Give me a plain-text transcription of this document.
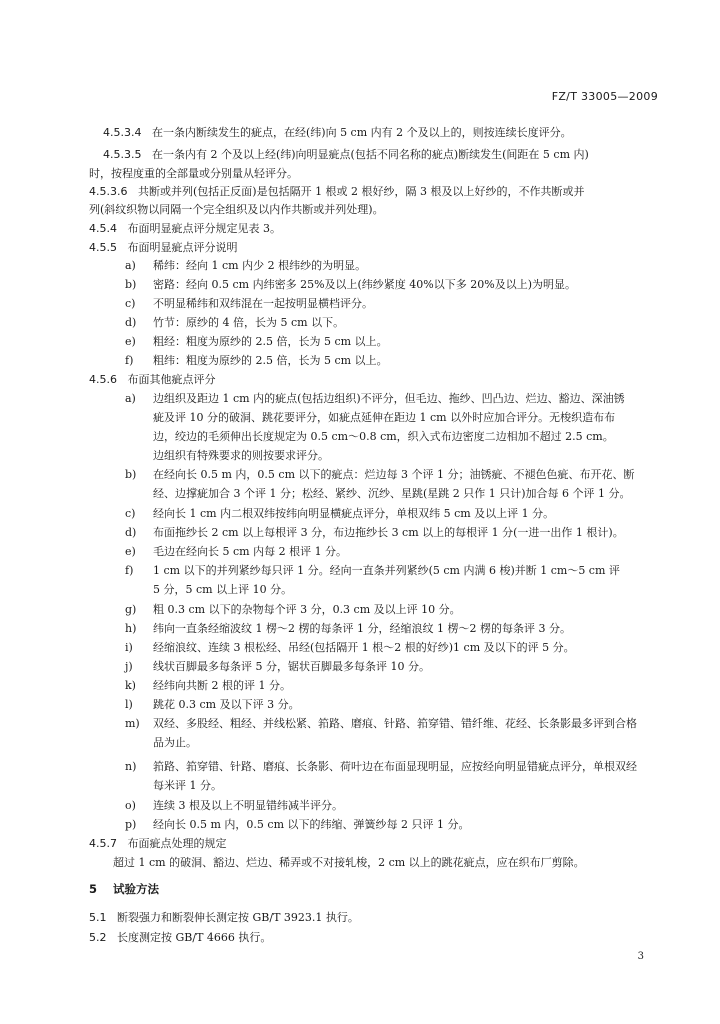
FZ/T 33005—2009
4.5.3.4 在一条内断续发生的疵点，在经(纬)向 5 cm 内有 2 个及以上的，则按连续长度评分。
4.5.3.5 在一条内有 2 个及以上经(纬)向明显疵点(包括不同名称的疵点)断续发生(间距在 5 cm 内)
时，按程度重的全部量或分别量从轻评分。
4.5.3.6 共断或并列(包括正反面)是包括隔开 1 根或 2 根好纱，隔 3 根及以上好纱的，不作共断或并
列(斜纹织物以同隔一个完全组织及以内作共断或并列处理)。
4.5.4 布面明显疵点评分规定见表 3。
4.5.5 布面明显疵点评分说明
a) 稀纬：经向 1 cm 内少 2 根纬纱的为明显。
b) 密路：经向 0.5 cm 内纬密多 25%及以上(纬纱紧度 40%以下多 20%及以上)为明显。
c) 不明显稀纬和双纬混在一起按明显横档评分。
d) 竹节：原纱的 4 倍，长为 5 cm 以下。
e) 粗经：粗度为原纱的 2.5 倍，长为 5 cm 以上。
f) 粗纬：粗度为原纱的 2.5 倍，长为 5 cm 以上。
4.5.6 布面其他疵点评分
a) 边组织及距边 1 cm 内的疵点(包括边组织)不评分，但毛边、拖纱、凹凸边、烂边、豁边、深油锈
疵及评 10 分的破洞、跳花要评分，如疵点延伸在距边 1 cm 以外时应加合评分。无梭织造布布
边，绞边的毛须伸出长度规定为 0.5 cm～0.8 cm，织入式布边密度二边相加不超过 2.5 cm。
边组织有特殊要求的则按要求评分。
b) 在经向长 0.5 m 内，0.5 cm 以下的疵点：烂边每 3 个评 1 分；油锈疵、不褪色色疵、布开花、断
经、边撑疵加合 3 个评 1 分；松经、紧纱、沉纱、星跳(星跳 2 只作 1 只计)加合每 6 个评 1 分。
c) 经向长 1 cm 内二根双纬按纬向明显横疵点评分，单根双纬 5 cm 及以上评 1 分。
d) 布面拖纱长 2 cm 以上每根评 3 分，布边拖纱长 3 cm 以上的每根评 1 分(一进一出作 1 根计)。
e) 毛边在经向长 5 cm 内每 2 根评 1 分。
f) 1 cm 以下的并列紧纱每只评 1 分。经向一直条并列紧纱(5 cm 内满 6 梭)并断 1 cm～5 cm 评
5 分，5 cm 以上评 10 分。
g) 粗 0.3 cm 以下的杂物每个评 3 分，0.3 cm 及以上评 10 分。
h) 纬向一直条经缩波纹 1 楞～2 楞的每条评 1 分，经缩浪纹 1 楞～2 楞的每条评 3 分。
i) 经缩浪纹、连续 3 根松经、吊经(包括隔开 1 根～2 根的好纱)1 cm 及以下的评 5 分。
j) 线状百脚最多每条评 5 分，锯状百脚最多每条评 10 分。
k) 经纬向共断 2 根的评 1 分。
l) 跳花 0.3 cm 及以下评 3 分。
m) 双经、多股经、粗经、并线松紧、筘路、磨痕、针路、筘穿错、错纤维、花经、长条影最多评到合格
品为止。
n) 筘路、筘穿错、针路、磨痕、长条影、荷叶边在布面显现明显，应按经向明显错疵点评分，单根双经
每米评 1 分。
o) 连续 3 根及以上不明显错纬减半评分。
p) 经向长 0.5 m 内，0.5 cm 以下的纬缩、弹簧纱每 2 只评 1 分。
4.5.7 布面疵点处理的规定
超过 1 cm 的破洞、豁边、烂边、稀弄或不对接轧梭，2 cm 以上的跳花疵点，应在织布厂剪除。
5 试验方法
5.1 断裂强力和断裂伸长测定按 GB/T 3923.1 执行。
5.2 长度测定按 GB/T 4666 执行。
3
